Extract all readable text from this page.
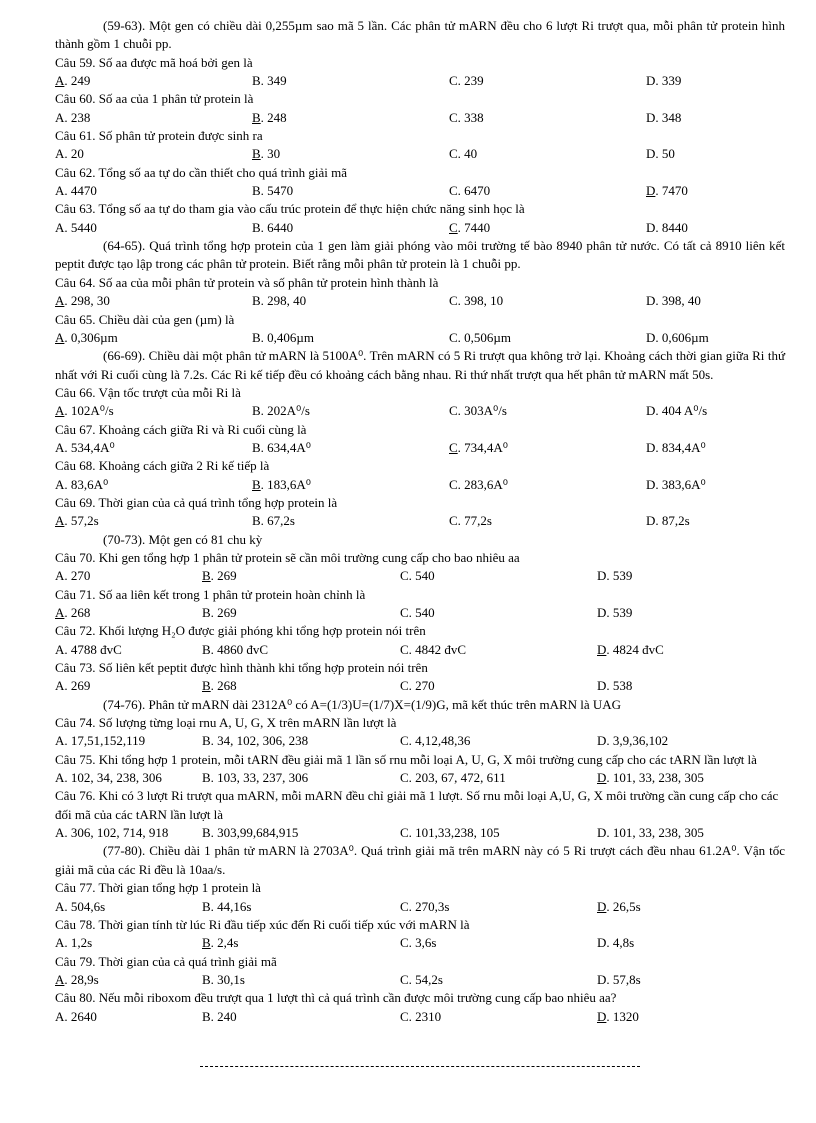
(59-63). Một gen có chiều dài 0,255µm sao mã 5 lần. Các phân tử mARN đều cho 6 lượt Ri trượt qua, mỗi phân tử protein hình thành gồm 1 chuỗi pp.

Câu 59. Số aa được mã hoá bởi gen là
A. 249	B. 349	C. 239	D. 339
Câu 60. Số aa của 1 phân tử protein là
A. 238	B. 248	C. 338	D. 348
Câu 61. Số phân tử protein được sinh ra
A. 20	B. 30	C. 40	D. 50
Câu 62. Tổng số aa tự do cần thiết cho quá trình giải mã
A. 4470	B. 5470	C. 6470	D. 7470
Câu 63. Tổng số aa tự do tham gia vào cấu trúc protein để thực hiện chức năng sinh học là
A. 5440	B. 6440	C. 7440	D. 8440

(64-65). Quá trình tổng hợp protein của 1 gen làm giải phóng vào môi trường tế bào 8940 phân tử nước. Có tất cả 8910 liên kết peptit được tạo lập trong các phân tử protein. Biết rằng mỗi phân tử protein là 1 chuỗi pp.

Câu 64. Số aa của mỗi phân tử protein và số phân tử protein hình thành là
A. 298, 30	B. 298, 40	C. 398, 10	D. 398, 40
Câu 65. Chiều dài của gen (µm) là
A. 0,306µm	B. 0,406µm	C. 0,506µm	D. 0,606µm

(66-69). Chiều dài một phân tử mARN là 5100A⁰. Trên mARN có 5 Ri trượt qua không trở lại. Khoảng cách thời gian giữa Ri thứ nhất với Ri cuối cùng là 7.2s. Các Ri kế tiếp đều có khoảng cách bằng nhau. Ri thứ nhất trượt qua hết phân tử mARN mất 50s.

Câu 66. Vận tốc trượt của mỗi Ri là
A. 102A⁰/s	B. 202A⁰/s	C. 303A⁰/s	D. 404 A⁰/s
Câu 67. Khoảng cách giữa Ri và Ri cuối cùng là
A. 534,4A⁰	B. 634,4A⁰	C. 734,4A⁰	D. 834,4A⁰
Câu 68. Khoảng cách giữa 2 Ri kế tiếp là
A. 83,6A⁰	B. 183,6A⁰	C. 283,6A⁰	D. 383,6A⁰
Câu 69. Thời gian của cả quá trình tổng hợp protein là
A. 57,2s	B. 67,2s	C. 77,2s	D. 87,2s

(70-73). Một gen có 81 chu kỳ

Câu 70. Khi gen tổng hợp 1 phân tử protein sẽ cần môi trường cung cấp cho bao nhiêu aa
A. 270	B. 269	C. 540	D. 539
Câu 71. Số aa liên kết trong 1 phân tử protein hoàn chỉnh là
A. 268	B. 269	C. 540	D. 539
Câu 72. Khối lượng H₂O được giải phóng khi tổng hợp protein nói trên
A. 4788 đvC	B. 4860 đvC	C. 4842 đvC	D. 4824 đvC
Câu 73. Số liên kết peptit được hình thành khi tổng hợp protein nói trên
A. 269	B. 268	C. 270	D. 538

(74-76). Phân tử mARN dài 2312A⁰ có A=(1/3)U=(1/7)X=(1/9)G, mã kết thúc trên mARN là UAG

Câu 74. Số lượng từng loại rnu A, U, G, X trên mARN lần lượt là
A. 17,51,152,119	B. 34, 102, 306, 238	C. 4,12,48,36	D. 3,9,36,102
Câu 75. Khi tổng hợp 1 protein, mỗi tARN đều giải mã 1 lần số rnu mỗi loại A, U, G, X môi trường cung cấp cho các tARN lần lượt là
A. 102, 34, 238, 306	B. 103, 33, 237, 306	C. 203, 67, 472, 611	D. 101, 33, 238, 305
Câu 76. Khi có 3 lượt Ri trượt qua mARN, mỗi mARN đều chỉ giải mã 1 lượt. Số rnu mỗi loại A,U, G, X môi trường cần cung cấp cho các đối mã của các tARN lần lượt là
A. 306, 102, 714, 918	B. 303,99,684,915	C. 101,33,238, 105	D. 101, 33, 238, 305

(77-80). Chiều dài 1 phân tử mARN là 2703A⁰. Quá trình giải mã trên mARN này có 5 Ri trượt cách đều nhau 61.2A⁰. Vận tốc giải mã của các Ri đều là 10aa/s.

Câu 77. Thời gian tổng hợp 1 protein là
A. 504,6s	B. 44,16s	C. 270,3s	D. 26,5s
Câu 78. Thời gian tính từ lúc Ri đầu tiếp xúc đến Ri cuối tiếp xúc với mARN là
A. 1,2s	B. 2,4s	C. 3,6s	D. 4,8s
Câu 79. Thời gian của cả quá trình giải mã
A. 28,9s	B. 30,1s	C. 54,2s	D. 57,8s
Câu 80. Nếu mỗi riboxom đều trượt qua 1 lượt thì cả quá trình cần được môi trường cung cấp bao nhiêu aa?
A. 2640	B. 240	C. 2310	D. 1320
